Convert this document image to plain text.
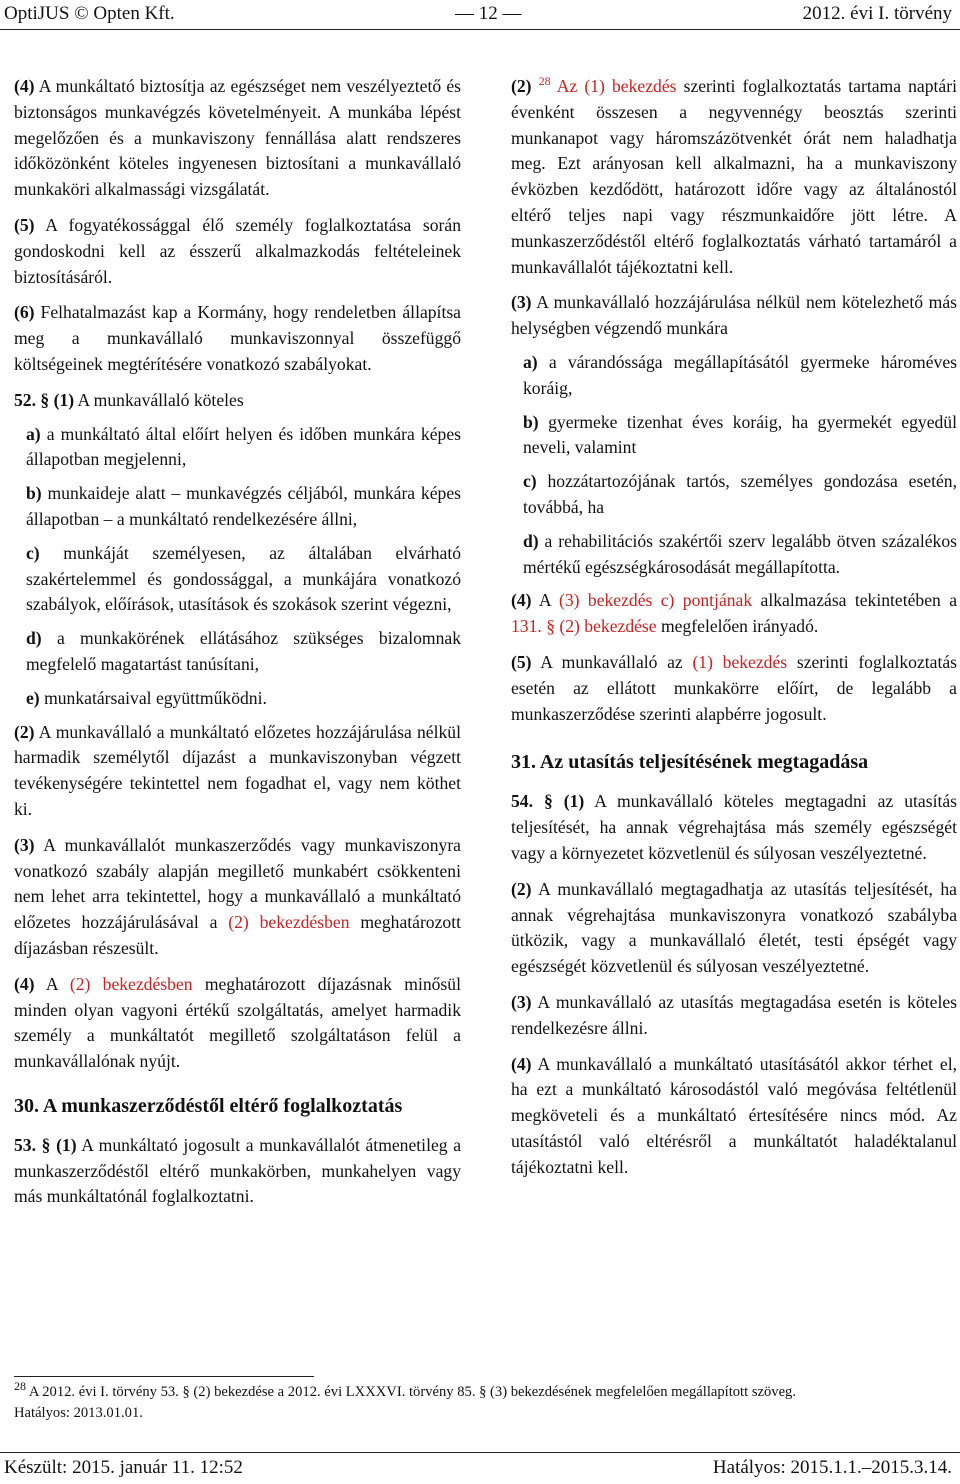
OptiJUS © Opten Kft.	— 12 —	2012. évi I. törvény

(4) A munkáltató biztosítja az egészséget nem veszélyeztető és biztonságos munkavégzés követelményeit. A munkába lépést megelőzően és a munkaviszony fennállása alatt rendszeres időközönként köteles ingyenesen biztosítani a munkavállaló munkaköri alkalmassági vizsgálatát.

(5) A fogyatékossággal élő személy foglalkoztatása során gondoskodni kell az ésszerű alkalmazkodás feltételeinek biztosításáról.

(6) Felhatalmazást kap a Kormány, hogy rendeletben állapítsa meg a munkavállaló munkaviszonnyal összefüggő költségeinek megtérítésére vonatkozó szabályokat.

52. § (1) A munkavállaló köteles

a) a munkáltató által előírt helyen és időben munkára képes állapotban megjelenni,

b) munkaideje alatt – munkavégzés céljából, munkára képes állapotban – a munkáltató rendelkezésére állni,

c) munkáját személyesen, az általában elvárható szakértelemmel és gondossággal, a munkájára vonatkozó szabályok, előírások, utasítások és szokások szerint végezni,

d) a munkakörének ellátásához szükséges bizalomnak megfelelő magatartást tanúsítani,

e) munkatársaival együttműködni.

(2) A munkavállaló a munkáltató előzetes hozzájárulása nélkül harmadik személytől díjazást a munkaviszonyban végzett tevékenységére tekintettel nem fogadhat el, vagy nem köthet ki.

(3) A munkavállalót munkaszerződés vagy munkaviszonyra vonatkozó szabály alapján megillető munkabért csökkenteni nem lehet arra tekintettel, hogy a munkavállaló a munkáltató előzetes hozzájárulásával a (2) bekezdésben meghatározott díjazásban részesült.

(4) A (2) bekezdésben meghatározott díjazásnak minősül minden olyan vagyoni értékű szolgáltatás, amelyet harmadik személy a munkáltatót megillető szolgáltatáson felül a munkavállalónak nyújt.

30. A munkaszerződéstől eltérő foglalkoztatás

53. § (1) A munkáltató jogosult a munkavállalót átmenetileg a munkaszerződéstől eltérő munkakörben, munkahelyen vagy más munkáltatónál foglalkoztatni.

(2) $^{28}$ Az (1) bekezdés szerinti foglalkoztatás tartama naptári évenként összesen a negyvennégy beosztás szerinti munkanapot vagy háromszázötvenkét órát nem haladhatja meg. Ezt arányosan kell alkalmazni, ha a munkaviszony évközben kezdődött, határozott időre vagy az általánostól eltérő teljes napi vagy részmunkaidőre jött létre. A munkaszerződéstől eltérő foglalkoztatás várható tartamáról a munkavállalót tájékoztatni kell.

(3) A munkavállaló hozzájárulása nélkül nem kötelezhető más helységben végzendő munkára

a) a várandóssága megállapításától gyermeke hároméves koráig,

b) gyermeke tizenhat éves koráig, ha gyermekét egyedül neveli, valamint

c) hozzátartozójának tartós, személyes gondozása esetén, továbbá, ha

d) a rehabilitációs szakértői szerv legalább ötven százalékos mértékű egészségkárosodását megállapította.

(4) A (3) bekezdés c) pontjának alkalmazása tekintetében a 131. § (2) bekezdése megfelelően irányadó.

(5) A munkavállaló az (1) bekezdés szerinti foglalkoztatás esetén az ellátott munkakörre előírt, de legalább a munkaszerződése szerinti alapbérre jogosult.

31. Az utasítás teljesítésének megtagadása

54. § (1) A munkavállaló köteles megtagadni az utasítás teljesítését, ha annak végrehajtása más személy egészségét vagy a környezetet közvetlenül és súlyosan veszélyeztetné.

(2) A munkavállaló megtagadhatja az utasítás teljesítését, ha annak végrehajtása munkaviszonyra vonatkozó szabályba ütközik, vagy a munkavállaló életét, testi épségét vagy egészségét közvetlenül és súlyosan veszélyeztetné.

(3) A munkavállaló az utasítás megtagadása esetén is köteles rendelkezésre állni.

(4) A munkavállaló a munkáltató utasításától akkor térhet el, ha ezt a munkáltató károsodástól való megóvása feltétlenül megköveteli és a munkáltató értesítésére nincs mód. Az utasítástól való eltérésről a munkáltatót haladéktalanul tájékoztatni kell.

$^{28}$ A 2012. évi I. törvény 53. § (2) bekezdése a 2012. évi LXXXVI. törvény 85. § (3) bekezdésének megfelelően megállapított szöveg.
Hatályos: 2013.01.01.
Készült: 2015. január 11. 12:52	Hatályos: 2015.1.1.–2015.3.14.
